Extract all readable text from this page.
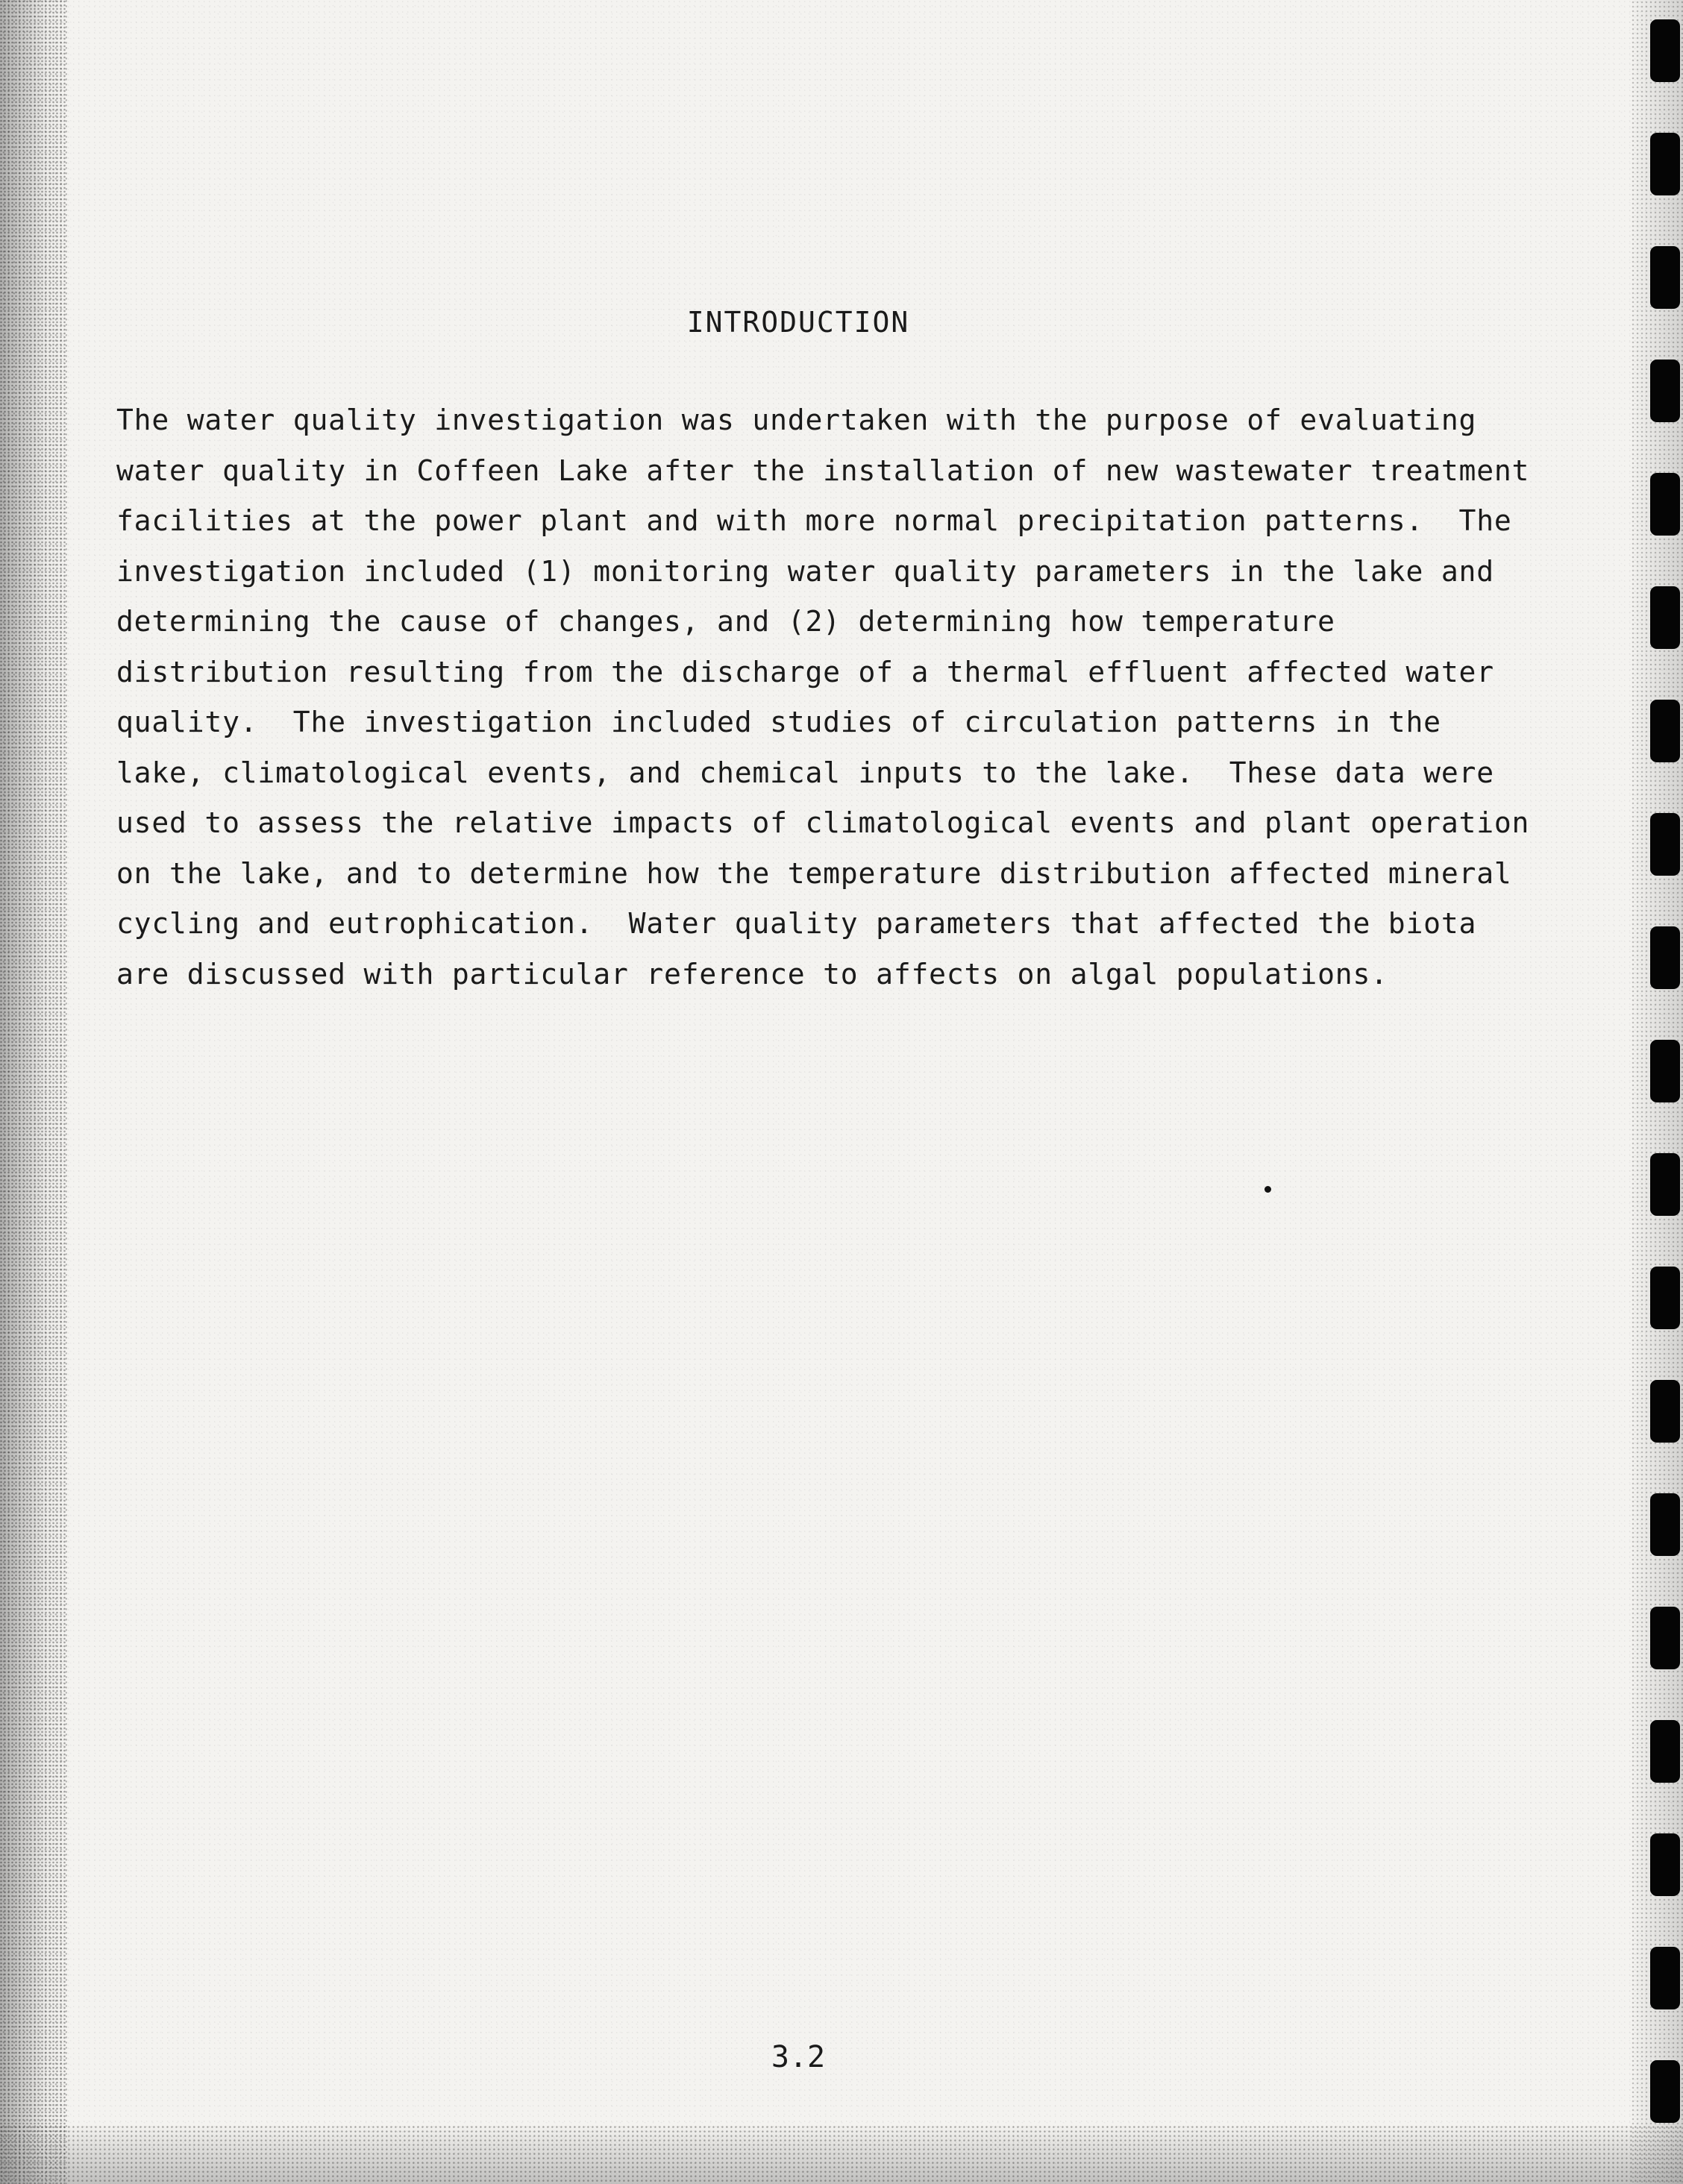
INTRODUCTION
The water quality investigation was undertaken with the purpose of evaluating
water quality in Coffeen Lake after the installation of new wastewater treatment
facilities at the power plant and with more normal precipitation patterns.  The
investigation included (1) monitoring water quality parameters in the lake and
determining the cause of changes, and (2) determining how temperature
distribution resulting from the discharge of a thermal effluent affected water
quality.  The investigation included studies of circulation patterns in the
lake, climatological events, and chemical inputs to the lake.  These data were
used to assess the relative impacts of climatological events and plant operation
on the lake, and to determine how the temperature distribution affected mineral
cycling and eutrophication.  Water quality parameters that affected the biota
are discussed with particular reference to affects on algal populations.
3.2
